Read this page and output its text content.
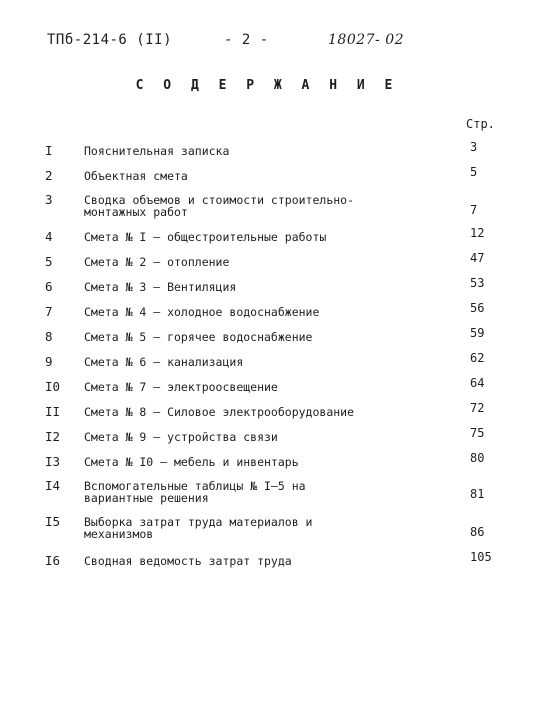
ТПб-214-6 (II)	- 2 -	18027- 02
С О Д Е Р Ж А Н И Е
Стр.
I	Пояснительная записка	3
2	Объектная смета	5
3	Сводка объемов и стоимости строительно-
монтажных работ	7
4	Смета № I – общестроительные работы	12
5	Смета № 2 – отопление	47
6	Смета № 3 – Вентиляция	53
7	Смета № 4 – холодное водоснабжение	56
8	Смета № 5 – горячее водоснабжение	59
9	Смета № 6 – канализация	62
I0	Смета № 7 – электроосвещение	64
II	Смета № 8 – Силовое электрооборудование	72
I2	Смета № 9 – устройства связи	75
I3	Смета № I0 – мебель и инвентарь	80
I4	Вспомогательные таблицы № I–5 на
вариантные решения	81
I5	Выборка затрат труда материалов и
механизмов	86
I6	Сводная ведомость затрат труда	105
